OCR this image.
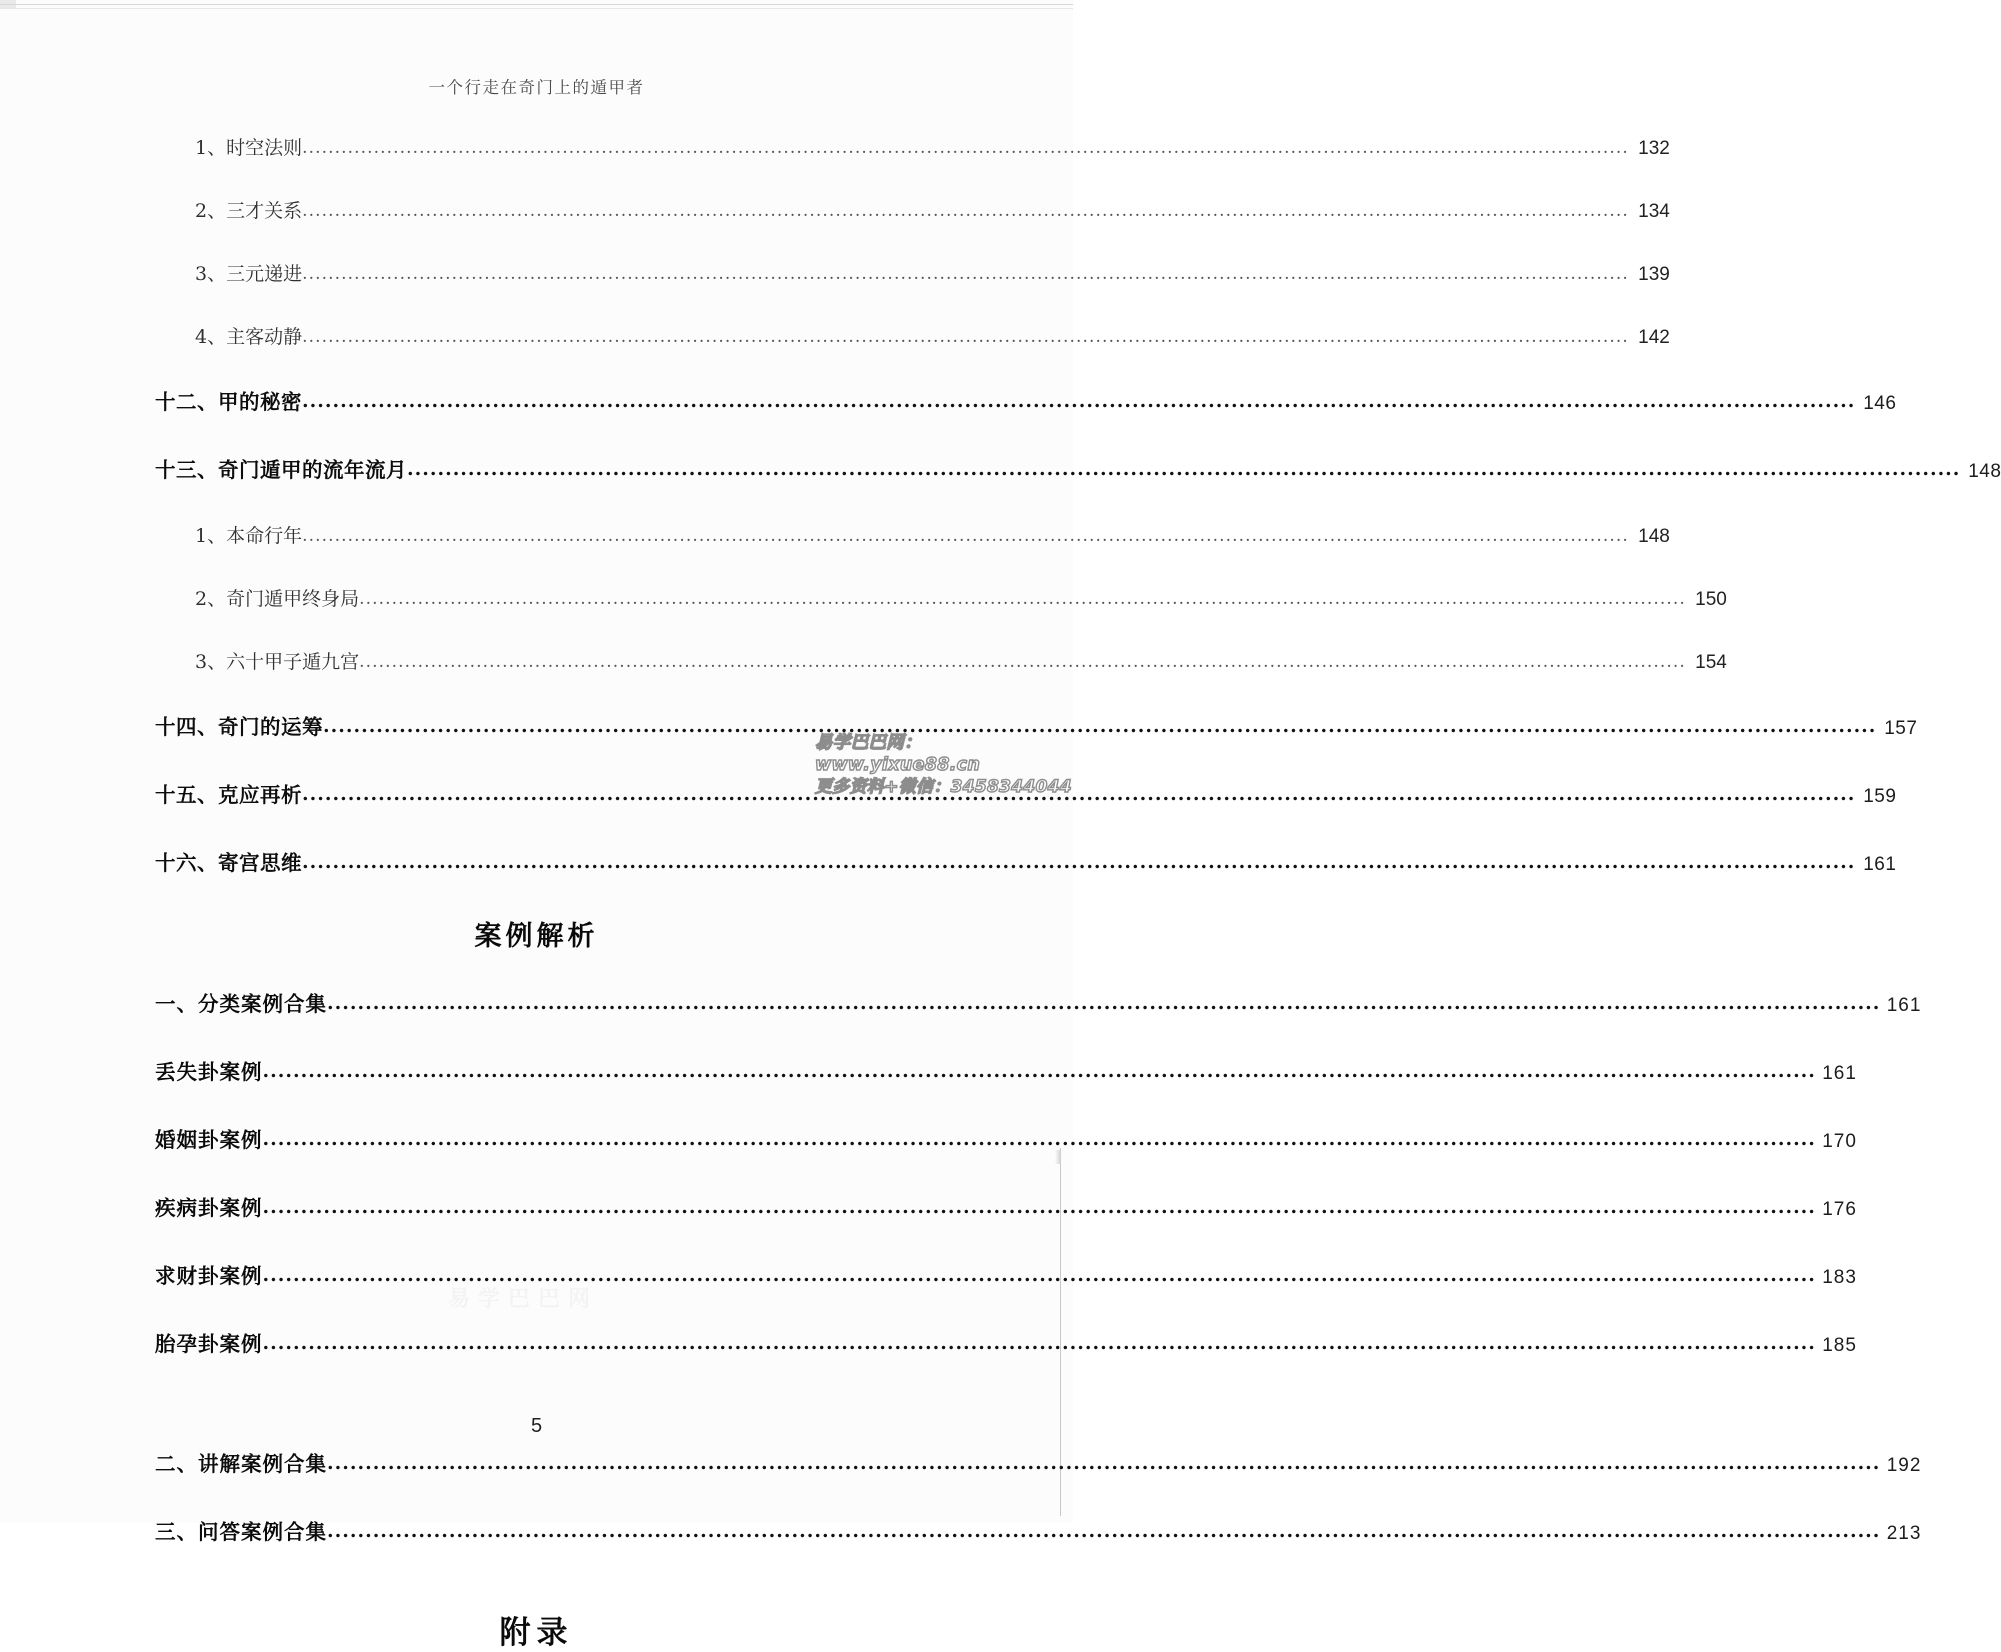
一个行走在奇门上的遁甲者
1、时空法则 .....	132
2、三才关系 .....	134
3、三元递进 .....	139
4、主客动静 .....	142
十二、甲的秘密 .....	146
十三、奇门遁甲的流年流月 .....	148
1、本命行年 .....	148
2、奇门遁甲终身局 .....	150
3、六十甲子遁九宫 .....	154
十四、奇门的运筹 .....	157
十五、克应再析 .....	159
十六、寄宫思维 .....	161
案例解析
一、分类案例合集 .....	161
丢失卦案例 .....	161
婚姻卦案例 .....	170
疾病卦案例 .....	176
求财卦案例 .....	183
胎孕卦案例 .....	185
二、讲解案例合集 .....	192
三、问答案例合集 .....	213
附录
易学巴巴网：www.yixue88.cn
更多资料+微信：3458344044
5
